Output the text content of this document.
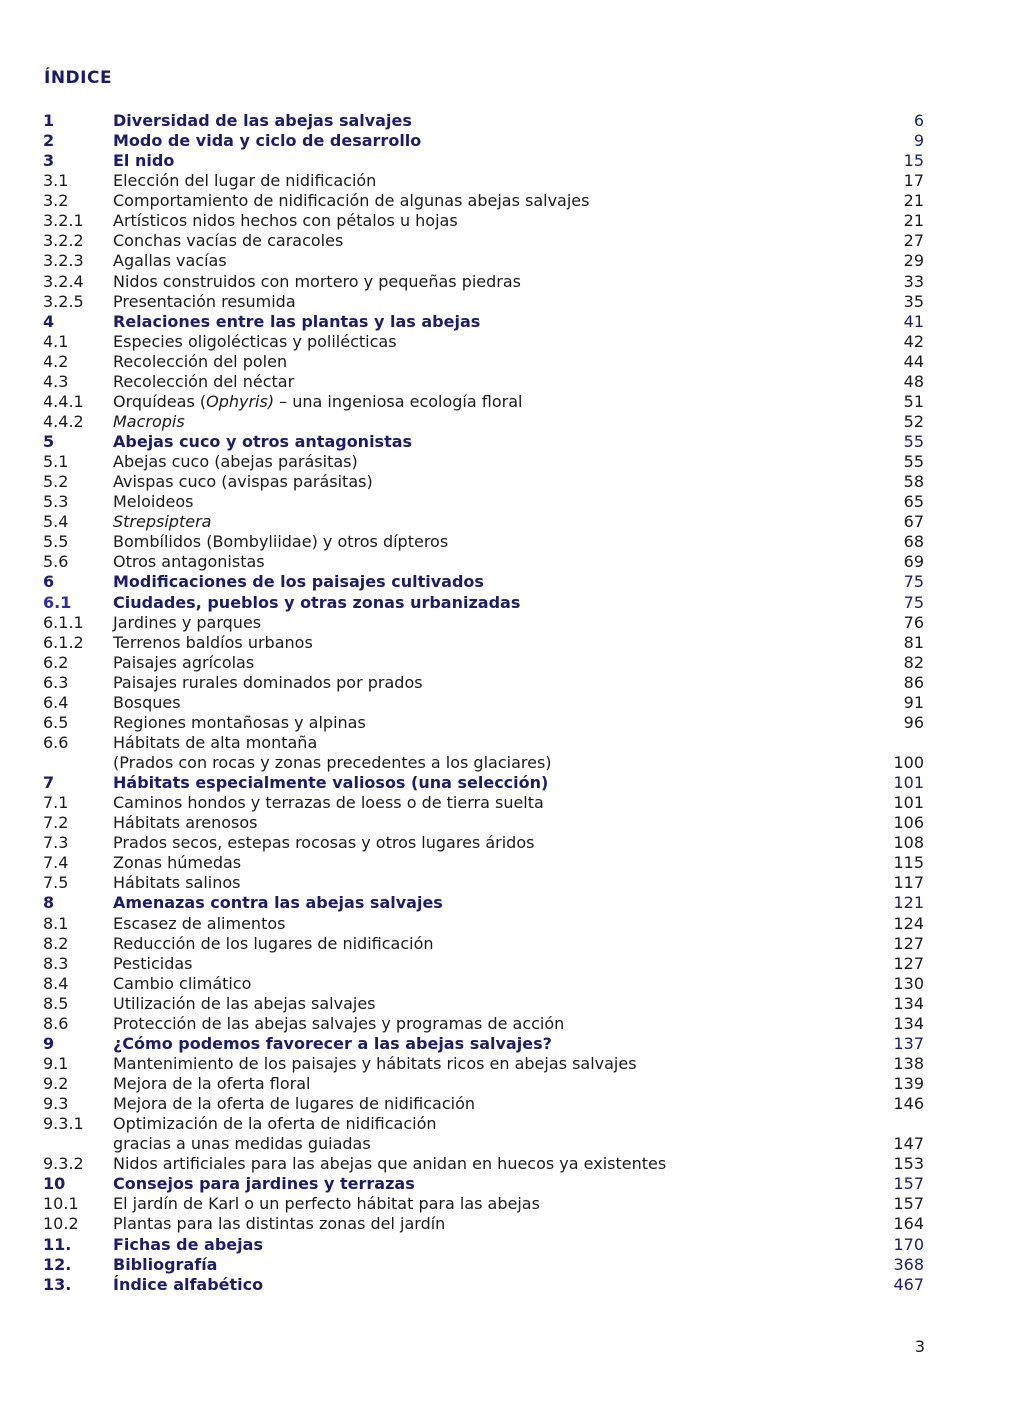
ÍNDICE
1	Diversidad de las abejas salvajes	6
2	Modo de vida y ciclo de desarrollo	9
3	El nido	15
3.1	Elección del lugar de nidificación	17
3.2	Comportamiento de nidificación de algunas abejas salvajes	21
3.2.1 Artísticos nidos hechos con pétalos u hojas	21
3.2.2 Conchas vacías de caracoles	27
3.2.3 Agallas vacías	29
3.2.4 Nidos construidos con mortero y pequeñas piedras	33
3.2.5 Presentación resumida	35
4	Relaciones entre las plantas y las abejas	41
4.1	Especies oligolécticas y polilécticas	42
4.2	Recolección del polen	44
4.3	Recolección del néctar	48
4.4.1 Orquídeas (Ophyris) – una ingeniosa ecología floral	51
4.4.2 Macropis	52
5	Abejas cuco y otros antagonistas	55
5.1	Abejas cuco (abejas parásitas)	55
5.2	Avispas cuco (avispas parásitas)	58
5.3	Meloideos	65
5.4	Strepsiptera	67
5.5	Bombílidos (Bombyliidae) y otros dípteros	68
5.6	Otros antagonistas	69
6	Modificaciones de los paisajes cultivados	75
6.1	Ciudades, pueblos y otras zonas urbanizadas	75
6.1.1 Jardines y parques	76
6.1.2 Terrenos baldíos urbanos	81
6.2	Paisajes agrícolas	82
6.3	Paisajes rurales dominados por prados	86
6.4	Bosques	91
6.5	Regiones montañosas y alpinas	96
6.6	Hábitats de alta montaña
(Prados con rocas y zonas precedentes a los glaciares)	100
7	Hábitats especialmente valiosos (una selección)	101
7.1	Caminos hondos y terrazas de loess o de tierra suelta	101
7.2	Hábitats arenosos	106
7.3	Prados secos, estepas rocosas y otros lugares áridos	108
7.4	Zonas húmedas	115
7.5	Hábitats salinos	117
8	Amenazas contra las abejas salvajes	121
8.1	Escasez de alimentos	124
8.2	Reducción de los lugares de nidificación	127
8.3	Pesticidas	127
8.4	Cambio climático	130
8.5	Utilización de las abejas salvajes	134
8.6	Protección de las abejas salvajes y programas de acción	134
9	¿Cómo podemos favorecer a las abejas salvajes?	137
9.1	Mantenimiento de los paisajes y hábitats ricos en abejas salvajes	138
9.2	Mejora de la oferta floral	139
9.3	Mejora de la oferta de lugares de nidificación	146
9.3.1 Optimización de la oferta de nidificación
gracias a unas medidas guiadas	147
9.3.2 Nidos artificiales para las abejas que anidan en huecos ya existentes	153
10	Consejos para jardines y terrazas	157
10.1 El jardín de Karl o un perfecto hábitat para las abejas	157
10.2 Plantas para las distintas zonas del jardín	164
11.	Fichas de abejas	170
12.	Bibliografía	368
13.	Índice alfabético	467
3
